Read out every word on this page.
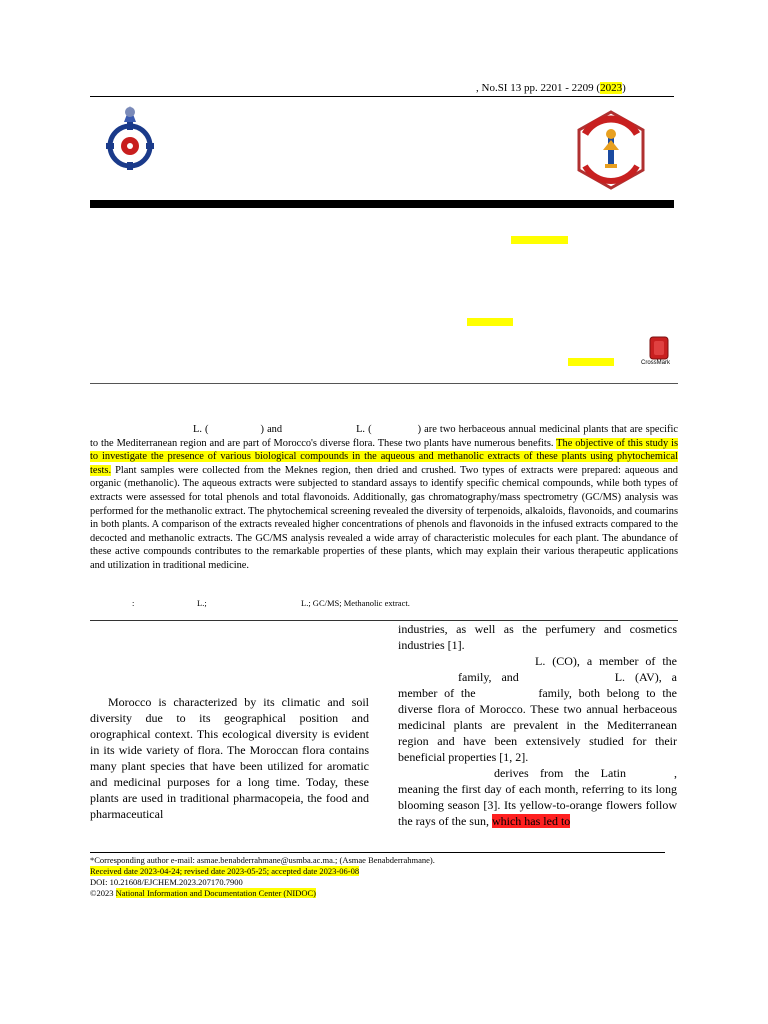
, No.SI 13 pp. 2201 - 2209 (2023)
CrossMark
L. (	) and	L. (	) are two herbaceous annual medicinal plants that are specific to the Mediterranean region and are part of Morocco's diverse flora. These two plants have numerous benefits. The objective of this study is to investigate the presence of various biological compounds in the aqueous and methanolic extracts of these plants using phytochemical tests. Plant samples were collected from the Meknes region, then dried and crushed. Two types of extracts were prepared: aqueous and organic (methanolic). The aqueous extracts were subjected to standard assays to identify specific chemical compounds, while both types of extracts were assessed for total phenols and total flavonoids. Additionally, gas chromatography/mass spectrometry (GC/MS) analysis was performed for the methanolic extract. The phytochemical screening revealed the diversity of terpenoids, alkaloids, flavonoids, and coumarins in both plants. A comparison of the extracts revealed higher concentrations of phenols and flavonoids in the infused extracts compared to the decocted and methanolic extracts. The GC/MS analysis revealed a wide array of characteristic molecules for each plant. The abundance of these active compounds contributes to the remarkable properties of these plants, which may explain their various therapeutic applications and utilization in traditional medicine.
:	L.;	L.; GC/MS; Methanolic extract.

Morocco is characterized by its climatic and soil diversity due to its geographical position and orographical context. This ecological diversity is evident in its wide variety of flora. The Moroccan flora contains many plant species that have been utilized for aromatic and medicinal purposes for a long time. Today, these plants are used in traditional pharmacopeia, the food and pharmaceutical

industries, as well as the perfumery and cosmetics industries [1].

L. (CO), a member of the family, and	L. (AV), a member of the	family, both belong to the diverse flora of Morocco. These two annual herbaceous medicinal plants are prevalent in the Mediterranean region and have been extensively studied for their beneficial properties [1, 2].

derives from the Latin	, meaning the first day of each month, referring to its long blooming season [3]. Its yellow-to-orange flowers follow the rays of the sun, which has led to

*Corresponding author e-mail: asmae.benabderrahmane@usmba.ac.ma.; (Asmae Benabderrahmane).
Received date 2023-04-24; revised date 2023-05-25; accepted date 2023-06-08
DOI: 10.21608/EJCHEM.2023.207170.7900
©2023 National Information and Documentation Center (NIDOC)
